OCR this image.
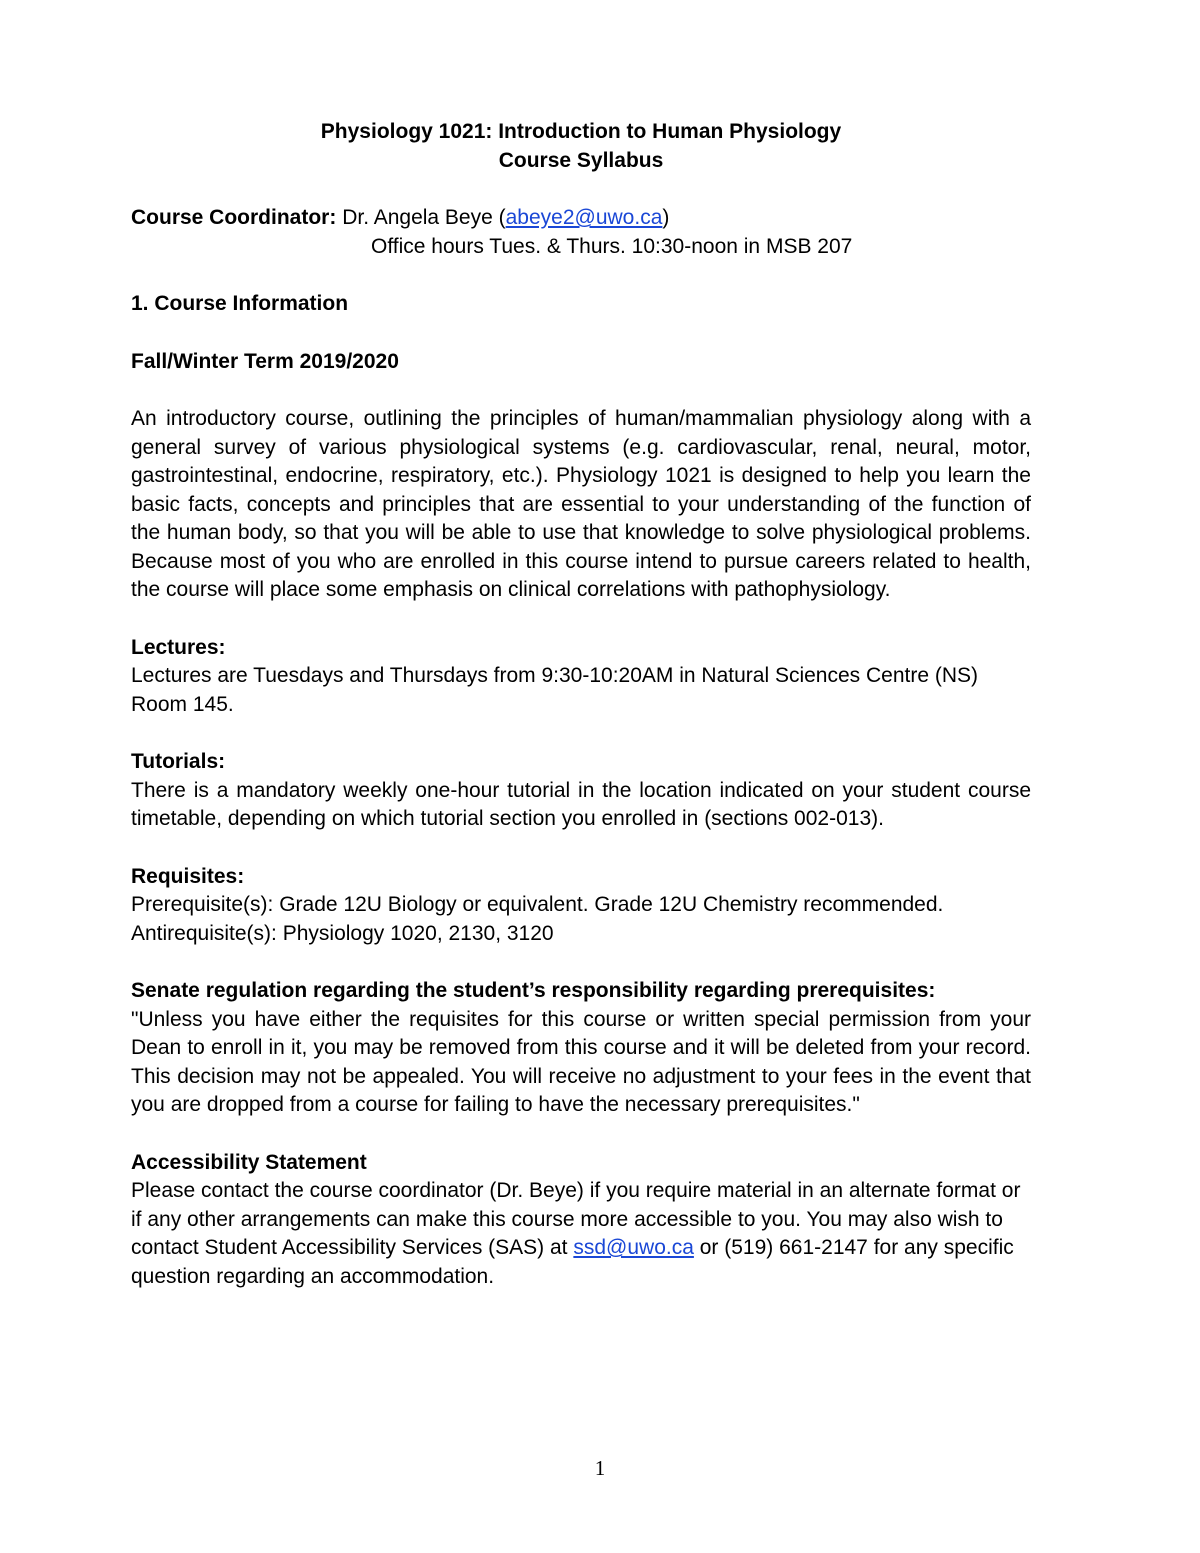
Physiology 1021: Introduction to Human Physiology

Course Syllabus

Course Coordinator: Dr. Angela Beye (abeye2@uwo.ca)

Office hours Tues. & Thurs. 10:30-noon in MSB 207

1. Course Information

Fall/Winter Term 2019/2020

An introductory course, outlining the principles of human/mammalian physiology along with a general survey of various physiological systems (e.g. cardiovascular, renal, neural, motor, gastrointestinal, endocrine, respiratory, etc.). Physiology 1021 is designed to help you learn the basic facts, concepts and principles that are essential to your understanding of the function of the human body, so that you will be able to use that knowledge to solve physiological problems. Because most of you who are enrolled in this course intend to pursue careers related to health, the course will place some emphasis on clinical correlations with pathophysiology.

Lectures:

Lectures are Tuesdays and Thursdays from 9:30-10:20AM in Natural Sciences Centre (NS) Room 145.

Tutorials:

There is a mandatory weekly one-hour tutorial in the location indicated on your student course timetable, depending on which tutorial section you enrolled in (sections 002-013).

Requisites:

Prerequisite(s): Grade 12U Biology or equivalent. Grade 12U Chemistry recommended.

Antirequisite(s): Physiology 1020, 2130, 3120

Senate regulation regarding the student’s responsibility regarding prerequisites:

"Unless you have either the requisites for this course or written special permission from your Dean to enroll in it, you may be removed from this course and it will be deleted from your record. This decision may not be appealed. You will receive no adjustment to your fees in the event that you are dropped from a course for failing to have the necessary prerequisites."

Accessibility Statement

Please contact the course coordinator (Dr. Beye) if you require material in an alternate format or if any other arrangements can make this course more accessible to you. You may also wish to contact Student Accessibility Services (SAS) at ssd@uwo.ca or (519) 661-2147 for any specific question regarding an accommodation.

1
